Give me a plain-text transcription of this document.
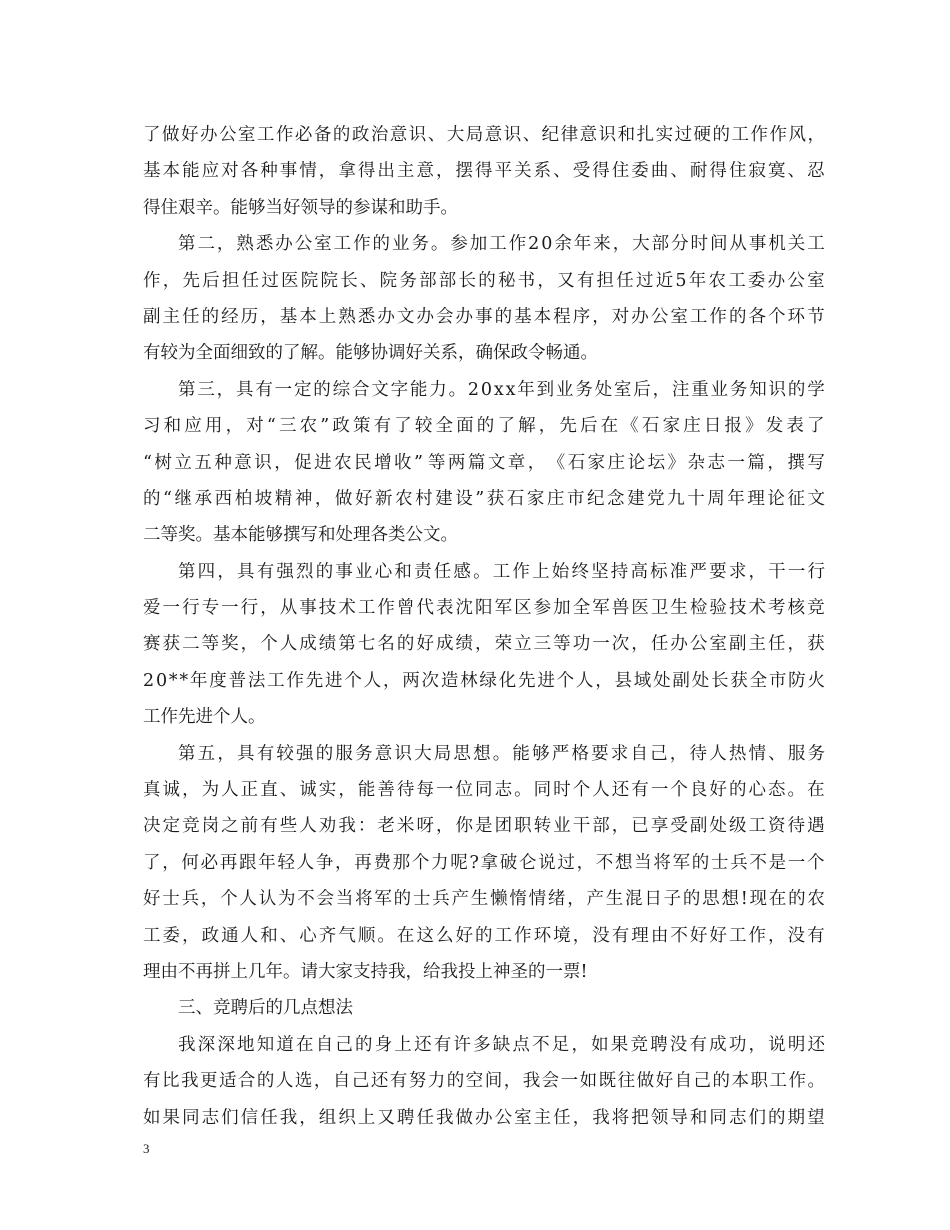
了 做 好 办 公 室 工 作 必 备 的 政 治 意 识 、 大 局 意 识 、 纪 律 意 识 和 扎 实 过 硬 的 工 作 作 风 ，
基 本 能 应 对 各 种 事 情 ， 拿 得 出 主 意 ， 摆 得 平 关 系 、 受 得 住 委 曲 、 耐 得 住 寂 寞 、 忍
得住艰辛。能够当好领导的参谋和助手。
第 二 ， 熟 悉 办 公 室 工 作 的 业 务 。 参 加 工 作 2 0 余 年 来 ， 大 部 分 时 间 从 事 机 关 工
作 ， 先 后 担 任 过 医 院 院 长 、 院 务 部 部 长 的 秘 书 ， 又 有 担 任 过 近 5 年 农 工 委 办 公 室
副 主 任 的 经 历 ， 基 本 上 熟 悉 办 文 办 会 办 事 的 基 本 程 序 ， 对 办 公 室 工 作 的 各 个 环 节
有较为全面细致的了解。能够协调好关系，确保政令畅通。
第 三 ， 具 有 一 定 的 综 合 文 字 能 力 。 2 0 x x 年 到 业 务 处 室 后 ， 注 重 业 务 知 识 的 学
习 和 应 用 ， 对 “ 三 农 ” 政 策 有 了 较 全 面 的 了 解 ， 先 后 在 《 石 家 庄 日 报 》 发 表 了
“ 树 立 五 种 意 识 ， 促 进 农 民 增 收 ” 等 两 篇 文 章 ， 《 石 家 庄 论 坛 》 杂 志 一 篇 ， 撰 写
的 “ 继 承 西 柏 坡 精 神 ， 做 好 新 农 村 建 设 ” 获 石 家 庄 市 纪 念 建 党 九 十 周 年 理 论 征 文
二等奖。基本能够撰写和处理各类公文。
第 四 ， 具 有 强 烈 的 事 业 心 和 责 任 感 。 工 作 上 始 终 坚 持 高 标 准 严 要 求 ， 干 一 行
爱 一 行 专 一 行 ， 从 事 技 术 工 作 曾 代 表 沈 阳 军 区 参 加 全 军 兽 医 卫 生 检 验 技 术 考 核 竞
赛 获 二 等 奖 ， 个 人 成 绩 第 七 名 的 好 成 绩 ， 荣 立 三 等 功 一 次 ， 任 办 公 室 副 主 任 ， 获
2 0 * * 年 度 普 法 工 作 先 进 个 人 ， 两 次 造 林 绿 化 先 进 个 人 ， 县 域 处 副 处 长 获 全 市 防 火
工作先进个人。
第 五 ， 具 有 较 强 的 服 务 意 识 大 局 思 想 。 能 够 严 格 要 求 自 己 ， 待 人 热 情 、 服 务
真 诚 ， 为 人 正 直 、 诚 实 ， 能 善 待 每 一 位 同 志 。 同 时 个 人 还 有 一 个 良 好 的 心 态 。 在
决 定 竞 岗 之 前 有 些 人 劝 我 ： 老 米 呀 ， 你 是 团 职 转 业 干 部 ， 已 享 受 副 处 级 工 资 待 遇
了 ， 何 必 再 跟 年 轻 人 争 ， 再 费 那 个 力 呢 ? 拿 破 仑 说 过 ， 不 想 当 将 军 的 士 兵 不 是 一 个
好 士 兵 ， 个 人 认 为 不 会 当 将 军 的 士 兵 产 生 懒 惰 情 绪 ， 产 生 混 日 子 的 思 想 ! 现 在 的 农
工 委 ， 政 通 人 和 、 心 齐 气 顺 。 在 这 么 好 的 工 作 环 境 ， 没 有 理 由 不 好 好 工 作 ， 没 有
理由不再拼上几年。请大家支持我，给我投上神圣的一票!
三、竞聘后的几点想法
我 深 深 地 知 道 在 自 己 的 身 上 还 有 许 多 缺 点 不 足 ， 如 果 竞 聘 没 有 成 功 ， 说 明 还
有 比 我 更 适 合 的 人 选 ， 自 己 还 有 努 力 的 空 间 ， 我 会 一 如 既 往 做 好 自 己 的 本 职 工 作 。
如 果 同 志 们 信 任 我 ， 组 织 上 又 聘 任 我 做 办 公 室 主 任 ， 我 将 把 领 导 和 同 志 们 的 期 望
3
